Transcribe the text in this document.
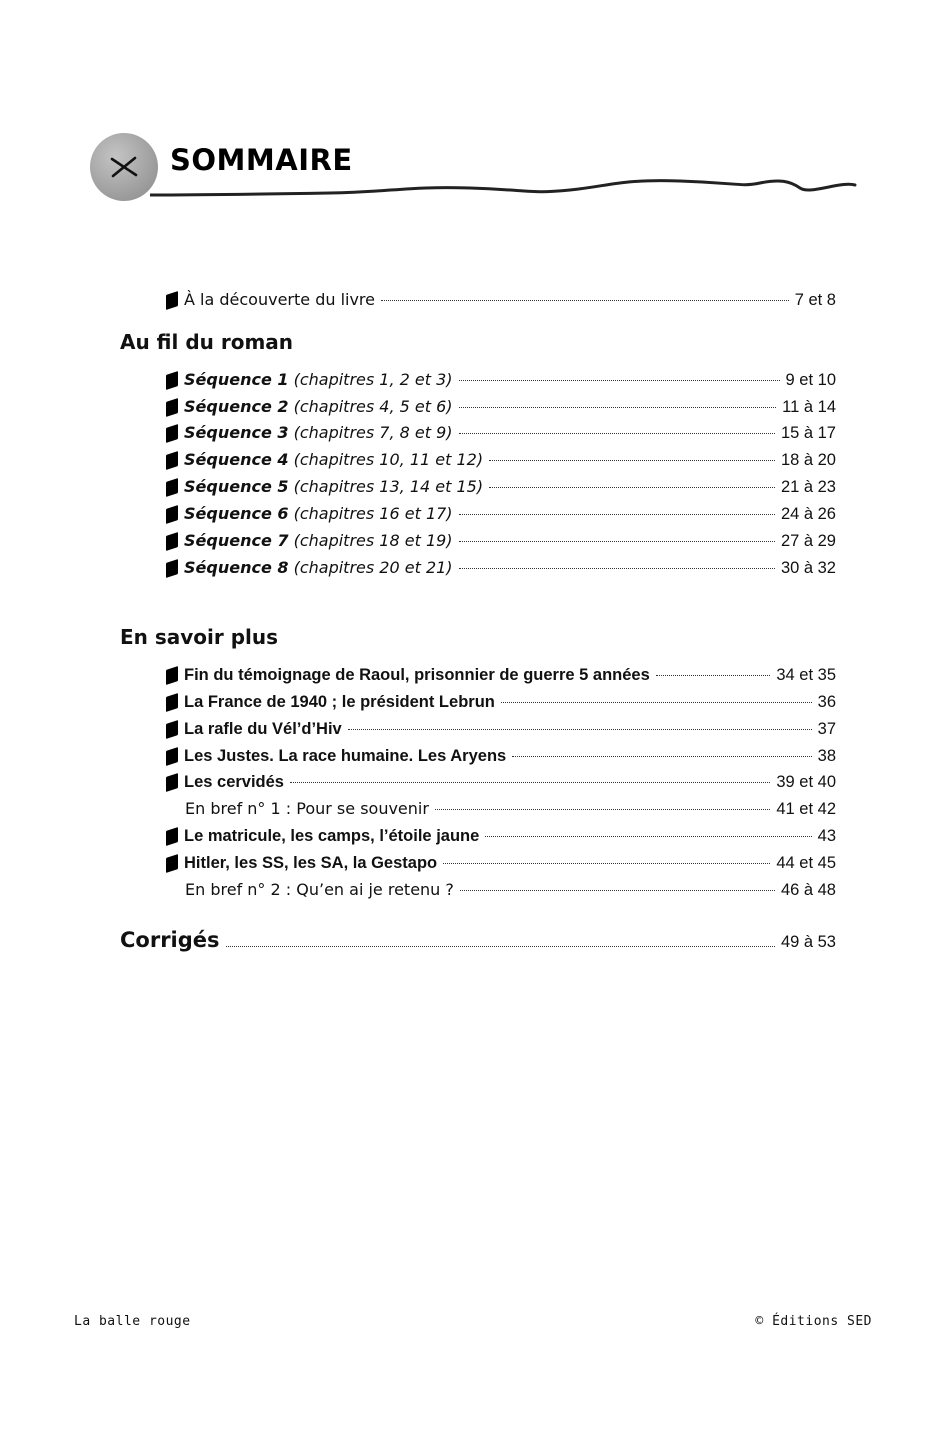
SOMMAIRE
À la découverte du livre	7 et 8
Au fil du roman
Séquence 1 (chapitres 1, 2 et 3)	9 et 10
Séquence 2 (chapitres 4, 5 et 6)	11 à 14
Séquence 3 (chapitres 7, 8 et 9)	15 à 17
Séquence 4 (chapitres 10, 11 et 12)	18 à 20
Séquence 5 (chapitres 13, 14 et 15)	21 à 23
Séquence 6 (chapitres 16 et 17)	24 à 26
Séquence 7 (chapitres 18 et 19)	27 à 29
Séquence 8 (chapitres 20 et 21)	30 à 32
En savoir plus
Fin du témoignage de Raoul, prisonnier de guerre 5 années	34 et 35
La France de 1940 ; le président Lebrun	36
La rafle du Vél’d’Hiv	37
Les Justes. La race humaine. Les Aryens	38
Les cervidés	39 et 40
En bref n° 1 : Pour se souvenir	41 et 42
Le matricule, les camps, l’étoile jaune	43
Hitler, les SS, les SA, la Gestapo	44 et 45
En bref n° 2 : Qu’en ai je retenu ?	46 à 48
Corrigés	49 à 53
La balle rouge	© Éditions SED
